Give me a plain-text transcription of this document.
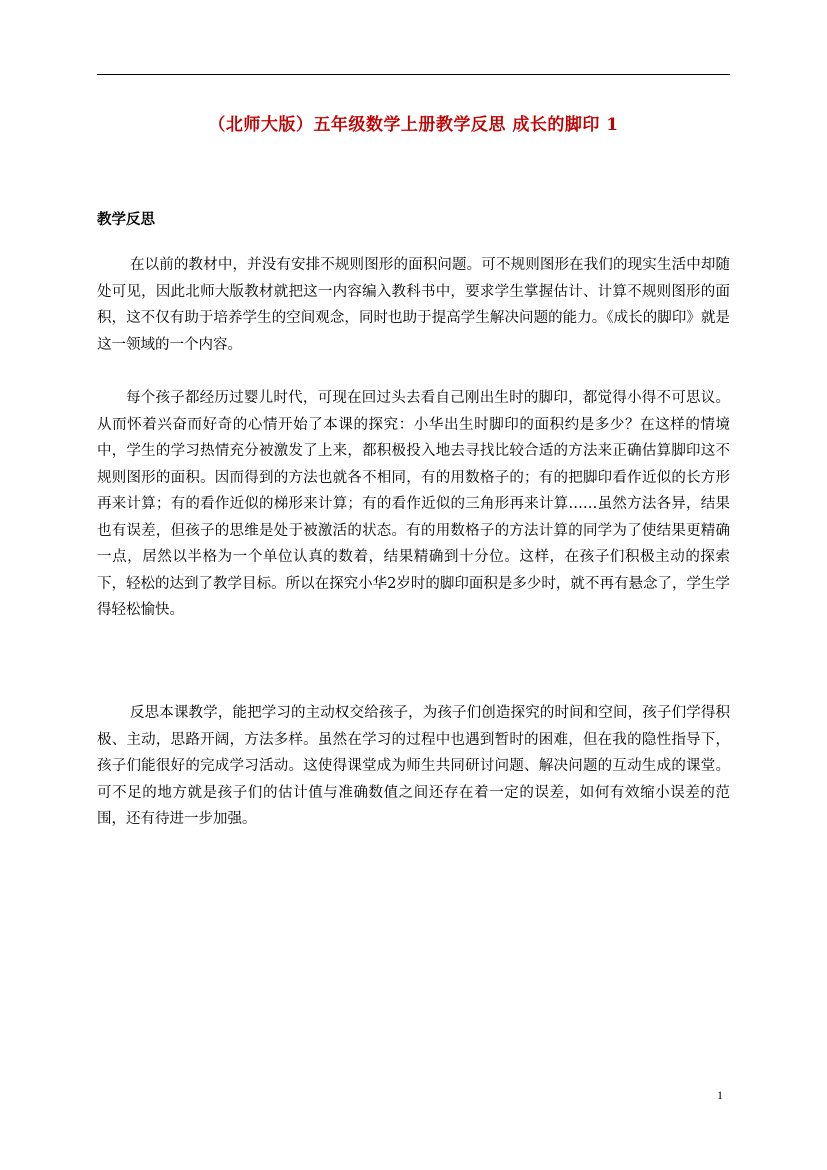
（北师大版）五年级数学上册教学反思 成长的脚印 1
教学反思

在以前的教材中，并没有安排不规则图形的面积问题。可不规则图形在我们的现实生活中却随处可见，因此北师大版教材就把这一内容编入教科书中，要求学生掌握估计、计算不规则图形的面积，这不仅有助于培养学生的空间观念，同时也助于提高学生解决问题的能力。《成长的脚印》就是这一领域的一个内容。

每个孩子都经历过婴儿时代，可现在回过头去看自己刚出生时的脚印，都觉得小得不可思议。从而怀着兴奋而好奇的心情开始了本课的探究：小华出生时脚印的面积约是多少？在这样的情境中，学生的学习热情充分被激发了上来，都积极投入地去寻找比较合适的方法来正确估算脚印这不规则图形的面积。因而得到的方法也就各不相同，有的用数格子的；有的把脚印看作近似的长方形再来计算；有的看作近似的梯形来计算；有的看作近似的三角形再来计算……虽然方法各异，结果也有误差，但孩子的思维是处于被激活的状态。有的用数格子的方法计算的同学为了使结果更精确一点，居然以半格为一个单位认真的数着，结果精确到十分位。这样，在孩子们积极主动的探索下，轻松的达到了教学目标。所以在探究小华2岁时的脚印面积是多少时，就不再有悬念了，学生学得轻松愉快。

反思本课教学，能把学习的主动权交给孩子，为孩子们创造探究的时间和空间，孩子们学得积极、主动，思路开阔，方法多样。虽然在学习的过程中也遇到暂时的困难，但在我的隐性指导下，孩子们能很好的完成学习活动。这使得课堂成为师生共同研讨问题、解决问题的互动生成的课堂。可不足的地方就是孩子们的估计值与准确数值之间还存在着一定的误差，如何有效缩小误差的范围，还有待进一步加强。

1
